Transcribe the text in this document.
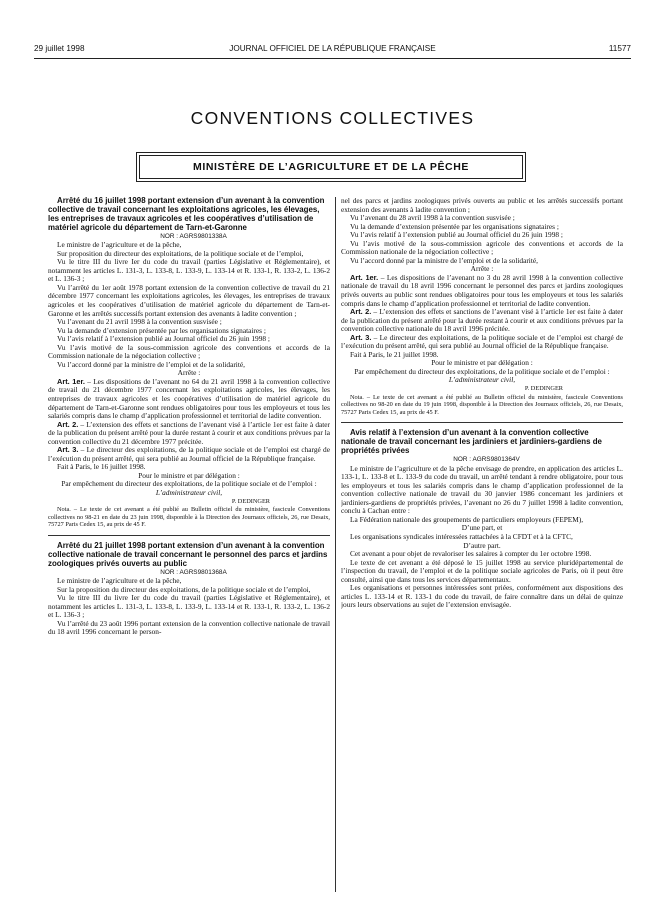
29 juillet 1998	JOURNAL OFFICIEL DE LA RÉPUBLIQUE FRANÇAISE	11577
CONVENTIONS COLLECTIVES
MINISTÈRE DE L’AGRICULTURE ET DE LA PÊCHE

Arrêté du 16 juillet 1998 portant extension d’un avenant à la convention collective de travail concernant les exploitations agricoles, les élevages, les entreprises de travaux agricoles et les coopératives d’utilisation de matériel agricole du département de Tarn-et-Garonne

NOR : AGRS9801338A

Le ministre de l’agriculture et de la pêche,

Sur proposition du directeur des exploitations, de la politique sociale et de l’emploi,

Vu le titre III du livre Ier du code du travail (parties Législative et Réglementaire), et notamment les articles L. 131-3, L. 133-8, L. 133-9, L. 133-14 et R. 133-1, R. 133-2, L. 136-2 et L. 136-3 ;

Vu l’arrêté du 1er août 1978 portant extension de la convention collective de travail du 21 décembre 1977 concernant les exploitations agricoles, les élevages, les entreprises de travaux agricoles et les coopératives d’utilisation de matériel agricole du département de Tarn-et-Garonne et les arrêtés successifs portant extension des avenants à ladite convention ;

Vu l’avenant du 21 avril 1998 à la convention susvisée ;

Vu la demande d’extension présentée par les organisations signataires ;

Vu l’avis relatif à l’extension publié au Journal officiel du 26 juin 1998 ;

Vu l’avis motivé de la sous-commission agricole des conventions et accords de la Commission nationale de la négociation collective ;

Vu l’accord donné par la ministre de l’emploi et de la solidarité,

Arrête :

Art. 1er. – Les dispositions de l’avenant no 64 du 21 avril 1998 à la convention collective de travail du 21 décembre 1977 concernant les exploitations agricoles, les élevages, les entreprises de travaux agricoles et les coopératives d’utilisation de matériel agricole du département de Tarn-et-Garonne sont rendues obligatoires pour tous les employeurs et tous les salariés compris dans le champ d’application professionnel et territorial de ladite convention.

Art. 2. – L’extension des effets et sanctions de l’avenant visé à l’article 1er est faite à dater de la publication du présent arrêté pour la durée restant à courir et aux conditions prévues par la convention collective du 21 décembre 1977 précitée.

Art. 3. – Le directeur des exploitations, de la politique sociale et de l’emploi est chargé de l’exécution du présent arrêté, qui sera publié au Journal officiel de la République française.

Fait à Paris, le 16 juillet 1998.

Pour le ministre et par délégation :

Par empêchement du directeur des exploitations, de la politique sociale et de l’emploi :

L’administrateur civil,

P. DEDINGER

Nota. – Le texte de cet avenant a été publié au Bulletin officiel du ministère, fascicule Conventions collectives no 98-21 en date du 23 juin 1998, disponible à la Direction des Journaux officiels, 26, rue Desaix, 75727 Paris Cedex 15, au prix de 45 F.

Arrêté du 21 juillet 1998 portant extension d’un avenant à la convention collective nationale de travail concernant le personnel des parcs et jardins zoologiques privés ouverts au public

NOR : AGRS9801368A

Le ministre de l’agriculture et de la pêche,

Sur la proposition du directeur des exploitations, de la politique sociale et de l’emploi,

Vu le titre III du livre Ier du code du travail (parties Législative et Réglementaire), et notamment les articles L. 131-3, L. 133-8, L. 133-9, L. 133-14 et R. 133-1, R. 133-2, L. 136-2 et L. 136-3 ;

Vu l’arrêté du 23 août 1996 portant extension de la convention collective nationale de travail du 18 avril 1996 concernant le person-

nel des parcs et jardins zoologiques privés ouverts au public et les arrêtés successifs portant extension des avenants à ladite convention ;

Vu l’avenant du 28 avril 1998 à la convention susvisée ;

Vu la demande d’extension présentée par les organisations signataires ;

Vu l’avis relatif à l’extension publié au Journal officiel du 26 juin 1998 ;

Vu l’avis motivé de la sous-commission agricole des conventions et accords de la Commission nationale de la négociation collective ;

Vu l’accord donné par la ministre de l’emploi et de la solidarité,

Arrête :

Art. 1er. – Les dispositions de l’avenant no 3 du 28 avril 1998 à la convention collective nationale de travail du 18 avril 1996 concernant le personnel des parcs et jardins zoologiques privés ouverts au public sont rendues obligatoires pour tous les employeurs et tous les salariés compris dans le champ d’application professionnel et territorial de ladite convention.

Art. 2. – L’extension des effets et sanctions de l’avenant visé à l’article 1er est faite à dater de la publication du présent arrêté pour la durée restant à courir et aux conditions prévues par la convention collective nationale du 18 avril 1996 précitée.

Art. 3. – Le directeur des exploitations, de la politique sociale et de l’emploi est chargé de l’exécution du présent arrêté, qui sera publié au Journal officiel de la République française.

Fait à Paris, le 21 juillet 1998.

Pour le ministre et par délégation :

Par empêchement du directeur des exploitations, de la politique sociale et de l’emploi :

L’administrateur civil,

P. DEDINGER

Nota. – Le texte de cet avenant a été publié au Bulletin officiel du ministère, fascicule Conventions collectives no 98-20 en date du 19 juin 1998, disponible à la Direction des Journaux officiels, 26, rue Desaix, 75727 Paris Cedex 15, au prix de 45 F.

Avis relatif à l’extension d’un avenant à la convention collective nationale de travail concernant les jardiniers et jardiniers-gardiens de propriétés privées

NOR : AGRS9801364V

Le ministre de l’agriculture et de la pêche envisage de prendre, en application des articles L. 133-1, L. 133-8 et L. 133-9 du code du travail, un arrêté tendant à rendre obligatoire, pour tous les employeurs et tous les salariés compris dans le champ d’application professionnel de la convention collective nationale de travail du 30 janvier 1986 concernant les jardiniers et jardiniers-gardiens de propriétés privées, l’avenant no 26 du 7 juillet 1998 à ladite convention, conclu à Cachan entre :

La Fédération nationale des groupements de particuliers employeurs (FEPEM),

D’une part, et

Les organisations syndicales intéressées rattachées à la CFDT et à la CFTC,

D’autre part.

Cet avenant a pour objet de revaloriser les salaires à compter du 1er octobre 1998.

Le texte de cet avenant a été déposé le 15 juillet 1998 au service pluridépartemental de l’inspection du travail, de l’emploi et de la politique sociale agricoles de Paris, où il peut être consulté, ainsi que dans tous les services départementaux.

Les organisations et personnes intéressées sont priées, conformément aux dispositions des articles L. 133-14 et R. 133-1 du code du travail, de faire connaître dans un délai de quinze jours leurs observations au sujet de l’extension envisagée.
